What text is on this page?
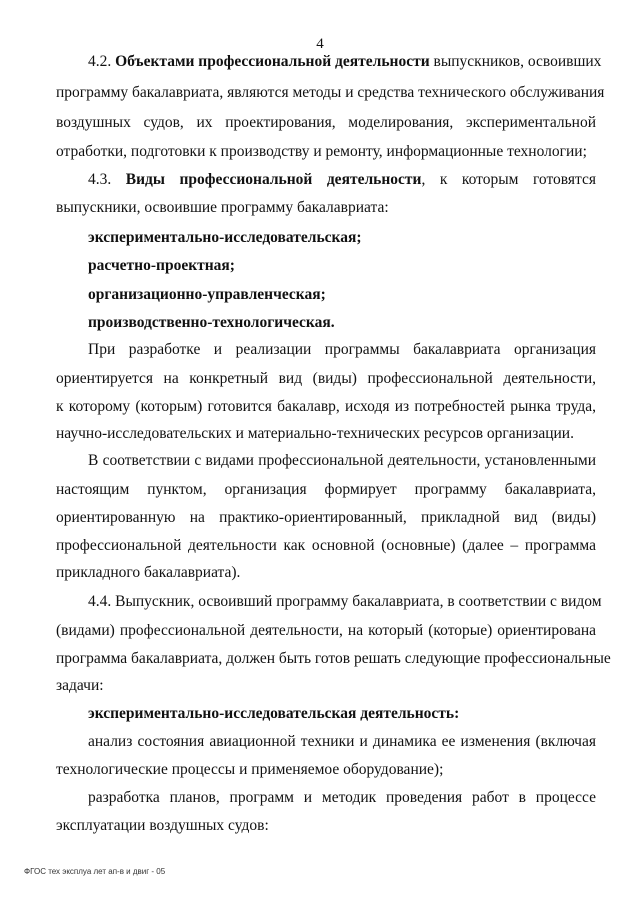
4
4.2. Объектами профессиональной деятельности выпускников, освоивших
программу бакалавриата, являются методы и средства технического обслуживания
воздушных судов, их проектирования, моделирования, экспериментальной
отработки, подготовки к производству и ремонту, информационные технологии;
4.3. Виды профессиональной деятельности, к которым готовятся
выпускники, освоившие программу бакалавриата:
экспериментально-исследовательская;
расчетно-проектная;
организационно-управленческая;
производственно-технологическая.
При разработке и реализации программы бакалавриата организация
ориентируется на конкретный вид (виды) профессиональной деятельности,
к которому (которым) готовится бакалавр, исходя из потребностей рынка труда,
научно-исследовательских и материально-технических ресурсов организации.
В соответствии с видами профессиональной деятельности, установленными
настоящим пунктом, организация формирует программу бакалавриата,
ориентированную на практико-ориентированный, прикладной вид (виды)
профессиональной деятельности как основной (основные) (далее – программа
прикладного бакалавриата).
4.4. Выпускник, освоивший программу бакалавриата, в соответствии с видом
(видами) профессиональной деятельности, на который (которые) ориентирована
программа бакалавриата, должен быть готов решать следующие профессиональные
задачи:
экспериментально-исследовательская деятельность:
анализ состояния авиационной техники и динамика ее изменения (включая
технологические процессы и применяемое оборудование);
разработка планов, программ и методик проведения работ в процессе
эксплуатации воздушных судов:
ФГОС тех эксплуа лет ап-в и двиг - 05
